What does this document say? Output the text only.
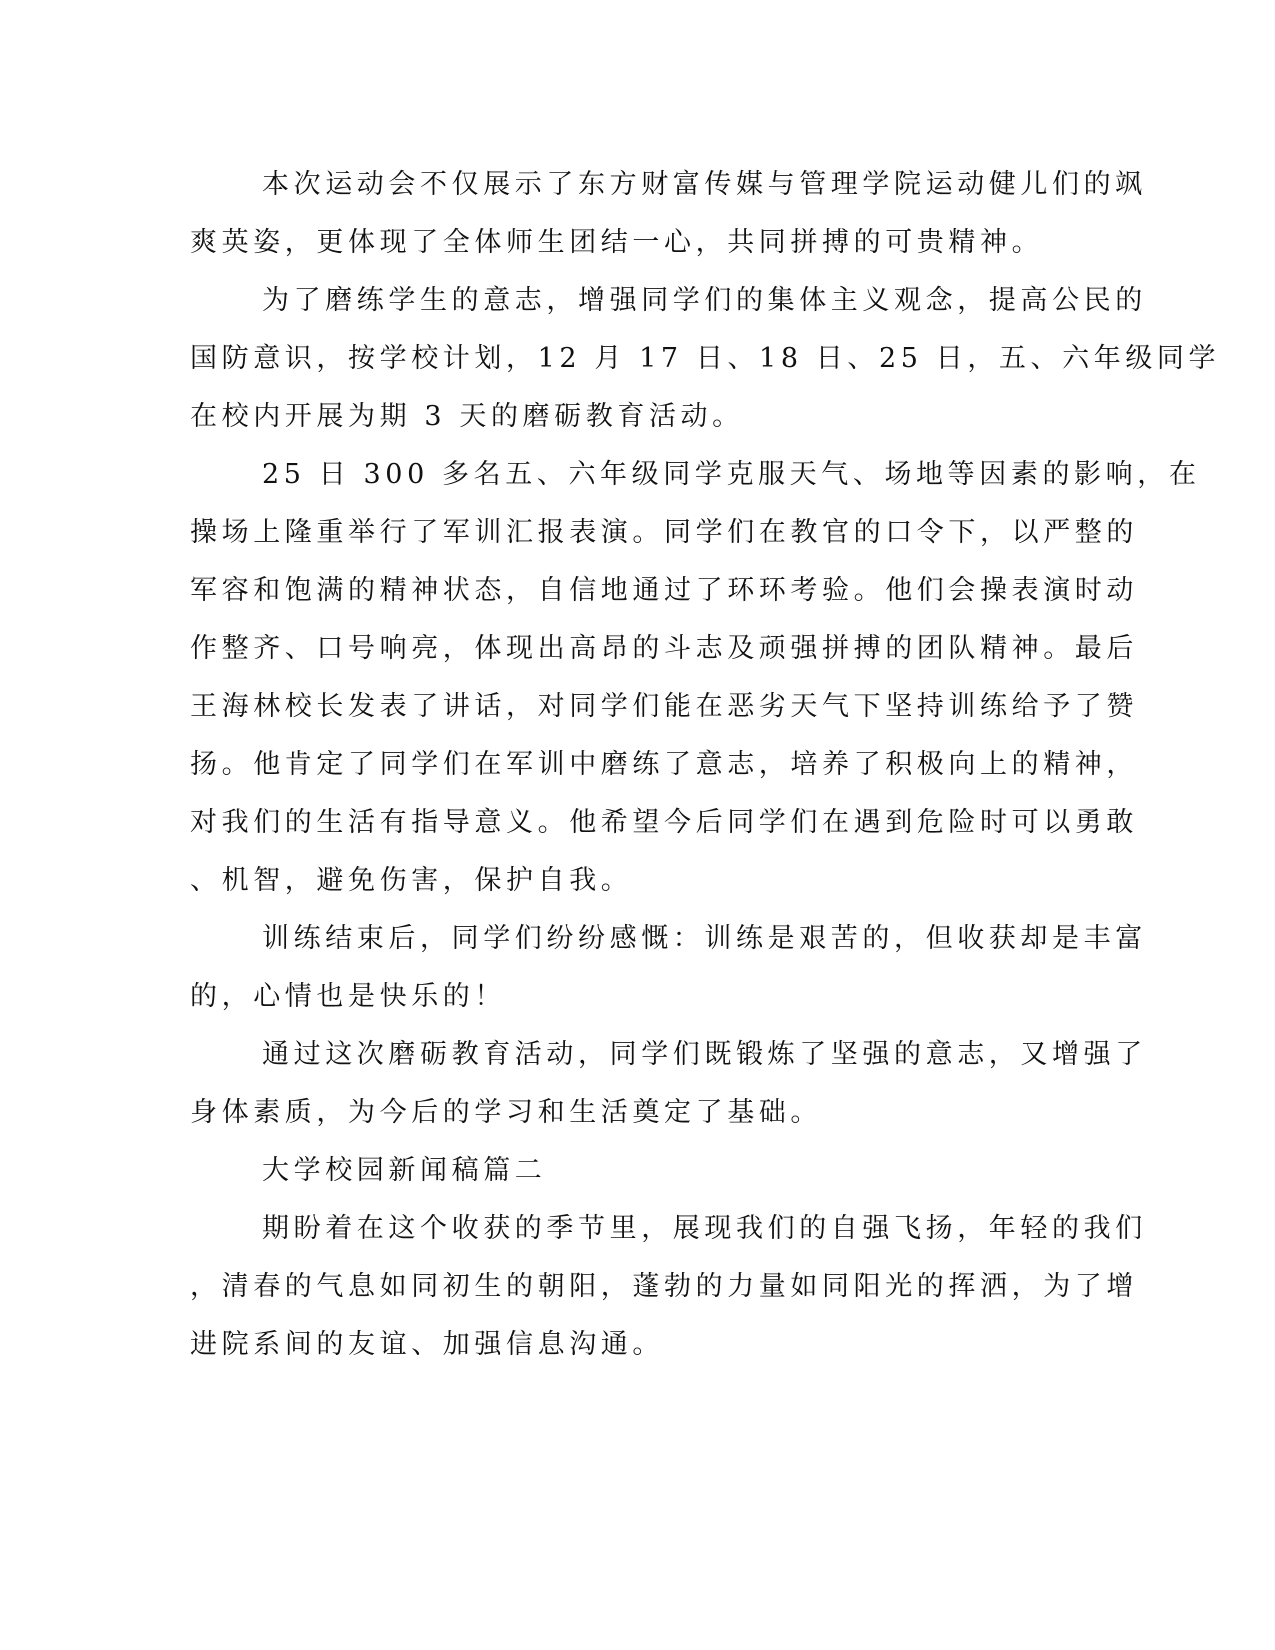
本次运动会不仅展示了东方财富传媒与管理学院运动健儿们的飒
爽英姿，更体现了全体师生团结一心，共同拼搏的可贵精神。
为了磨练学生的意志，增强同学们的集体主义观念，提高公民的
国防意识，按学校计划，12 月 17 日、18 日、25 日，五、六年级同学
在校内开展为期 3 天的磨砺教育活动。
25 日 300 多名五、六年级同学克服天气、场地等因素的影响，在
操场上隆重举行了军训汇报表演。同学们在教官的口令下，以严整的
军容和饱满的精神状态，自信地通过了环环考验。他们会操表演时动
作整齐、口号响亮，体现出高昂的斗志及顽强拼搏的团队精神。最后
王海林校长发表了讲话，对同学们能在恶劣天气下坚持训练给予了赞
扬。他肯定了同学们在军训中磨练了意志，培养了积极向上的精神，
对我们的生活有指导意义。他希望今后同学们在遇到危险时可以勇敢
、机智，避免伤害，保护自我。
训练结束后，同学们纷纷感慨：训练是艰苦的，但收获却是丰富
的，心情也是快乐的！
通过这次磨砺教育活动，同学们既锻炼了坚强的意志，又增强了
身体素质，为今后的学习和生活奠定了基础。
大学校园新闻稿篇二
期盼着在这个收获的季节里，展现我们的自强飞扬，年轻的我们
，清春的气息如同初生的朝阳，蓬勃的力量如同阳光的挥洒，为了增
进院系间的友谊、加强信息沟通。
